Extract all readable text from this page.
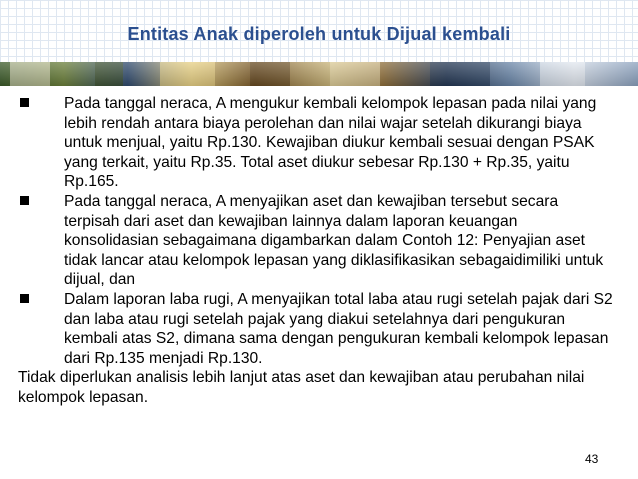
Entitas Anak diperoleh untuk Dijual kembali
Pada tanggal neraca, A mengukur kembali kelompok lepasan pada nilai yang lebih rendah antara biaya perolehan dan nilai wajar setelah dikurangi biaya untuk menjual, yaitu Rp.130. Kewajiban diukur kembali sesuai dengan PSAK yang terkait, yaitu Rp.35. Total aset diukur sebesar Rp.130 + Rp.35, yaitu Rp.165.
Pada tanggal neraca, A menyajikan aset dan kewajiban tersebut secara terpisah dari aset dan kewajiban lainnya dalam laporan keuangan konsolidasian sebagaimana digambarkan dalam Contoh 12: Penyajian aset tidak lancar atau kelompok lepasan yang diklasifikasikan sebagaidimiliki untuk dijual, dan
Dalam laporan laba rugi, A menyajikan total laba atau rugi setelah pajak dari S2 dan laba atau rugi setelah pajak yang diakui setelahnya dari pengukuran kembali atas S2, dimana sama dengan pengukuran kembali kelompok lepasan dari Rp.135 menjadi Rp.130.
Tidak diperlukan analisis lebih lanjut atas aset dan kewajiban atau perubahan nilai kelompok lepasan.
43
